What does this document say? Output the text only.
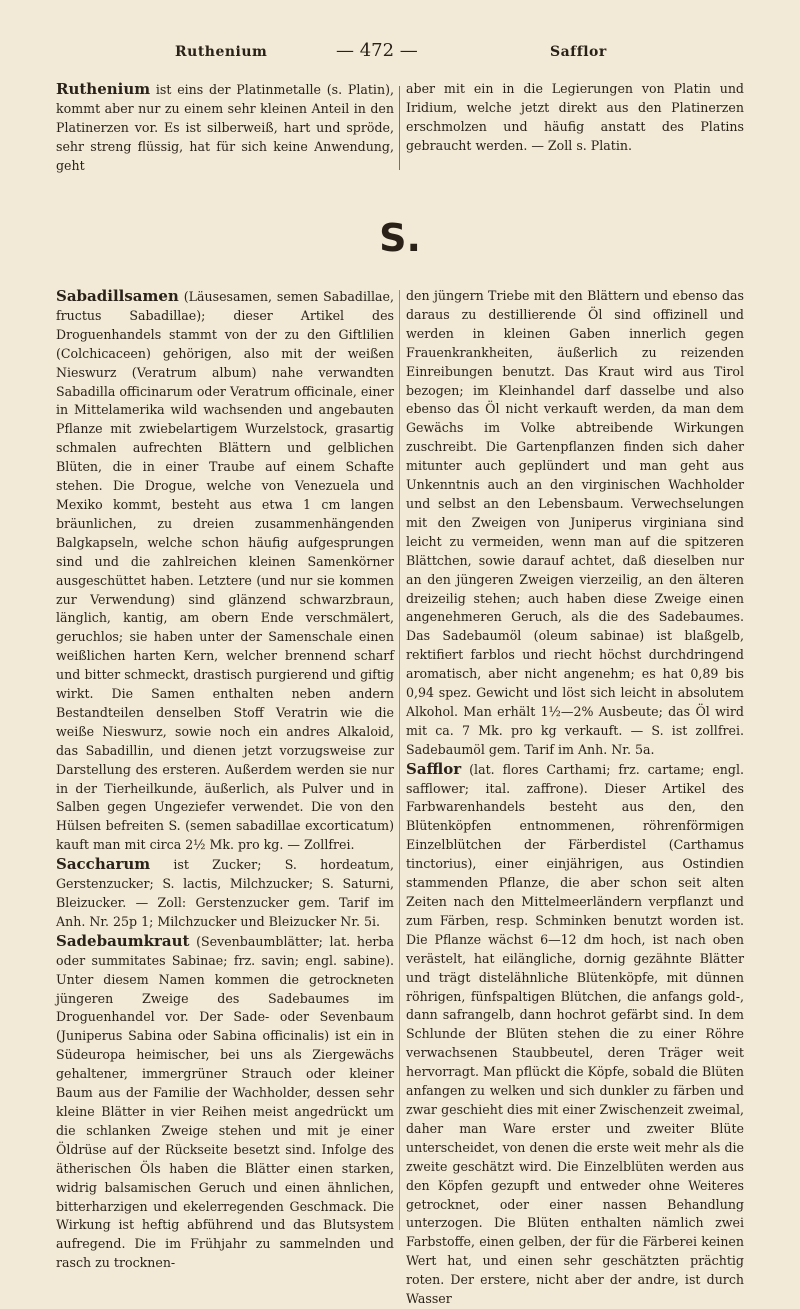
Ruthenium	— 472 —	Safflor

Ruthenium ist eins der Platinmetalle (s. Platin), kommt aber nur zu einem sehr kleinen Anteil in den Platinerzen vor. Es ist silberweiß, hart und spröde, sehr streng flüssig, hat für sich keine Anwendung, geht

aber mit ein in die Legierungen von Platin und Iridium, welche jetzt direkt aus den Platinerzen erschmolzen und häufig anstatt des Platins gebraucht werden. — Zoll s. Platin.

S.

Sabadillsamen (Läusesamen, semen Sabadillae, fructus Sabadillae); dieser Artikel des Droguenhandels stammt von der zu den Giftlilien (Colchicaceen) gehörigen, also mit der weißen Nieswurz (Veratrum album) nahe verwandten Sabadilla officinarum oder Veratrum officinale, einer in Mittelamerika wild wachsenden und angebauten Pflanze mit zwiebelartigem Wurzelstock, grasartig schmalen aufrechten Blättern und gelblichen Blüten, die in einer Traube auf einem Schafte stehen. Die Drogue, welche von Venezuela und Mexiko kommt, besteht aus etwa 1 cm langen bräunlichen, zu dreien zusammenhängenden Balgkapseln, welche schon häufig aufgesprungen sind und die zahlreichen kleinen Samenkörner ausgeschüttet haben. Letztere (und nur sie kommen zur Verwendung) sind glänzend schwarzbraun, länglich, kantig, am obern Ende verschmälert, geruchlos; sie haben unter der Samenschale einen weißlichen harten Kern, welcher brennend scharf und bitter schmeckt, drastisch purgierend und giftig wirkt. Die Samen enthalten neben andern Bestandteilen denselben Stoff Veratrin wie die weiße Nieswurz, sowie noch ein andres Alkaloid, das Sabadillin, und dienen jetzt vorzugsweise zur Darstellung des ersteren. Außerdem werden sie nur in der Tierheilkunde, äußerlich, als Pulver und in Salben gegen Ungeziefer verwendet. Die von den Hülsen befreiten S. (semen sabadillae excorticatum) kauft man mit circa 2½ Mk. pro kg. — Zollfrei.

Saccharum ist Zucker; S. hordeatum, Gerstenzucker; S. lactis, Milchzucker; S. Saturni, Bleizucker. — Zoll: Gerstenzucker gem. Tarif im Anh. Nr. 25p 1; Milchzucker und Bleizucker Nr. 5i.

Sadebaumkraut (Sevenbaumblätter; lat. herba oder summitates Sabinae; frz. savin; engl. sabine). Unter diesem Namen kommen die getrockneten jüngeren Zweige des Sadebaumes im Droguenhandel vor. Der Sade- oder Sevenbaum (Juniperus Sabina oder Sabina officinalis) ist ein in Südeuropa heimischer, bei uns als Ziergewächs gehaltener, immergrüner Strauch oder kleiner Baum aus der Familie der Wachholder, dessen sehr kleine Blätter in vier Reihen meist angedrückt um die schlanken Zweige stehen und mit je einer Öldrüse auf der Rückseite besetzt sind. Infolge des ätherischen Öls haben die Blätter einen starken, widrig balsamischen Geruch und einen ähnlichen, bitterharzigen und ekelerregenden Geschmack. Die Wirkung ist heftig abführend und das Blutsystem aufregend. Die im Frühjahr zu sammelnden und rasch zu trocknen-

den jüngern Triebe mit den Blättern und ebenso das daraus zu destillierende Öl sind offizinell und werden in kleinen Gaben innerlich gegen Frauenkrankheiten, äußerlich zu reizenden Einreibungen benutzt. Das Kraut wird aus Tirol bezogen; im Kleinhandel darf dasselbe und also ebenso das Öl nicht verkauft werden, da man dem Gewächs im Volke abtreibende Wirkungen zuschreibt. Die Gartenpflanzen finden sich daher mitunter auch geplündert und man geht aus Unkenntnis auch an den virginischen Wachholder und selbst an den Lebensbaum. Verwechselungen mit den Zweigen von Juniperus virginiana sind leicht zu vermeiden, wenn man auf die spitzeren Blättchen, sowie darauf achtet, daß dieselben nur an den jüngeren Zweigen vierzeilig, an den älteren dreizeilig stehen; auch haben diese Zweige einen angenehmeren Geruch, als die des Sadebaumes. Das Sadebaumöl (oleum sabinae) ist blaßgelb, rektifiert farblos und riecht höchst durchdringend aromatisch, aber nicht angenehm; es hat 0,89 bis 0,94 spez. Gewicht und löst sich leicht in absolutem Alkohol. Man erhält 1½—2% Ausbeute; das Öl wird mit ca. 7 Mk. pro kg verkauft. — S. ist zollfrei. Sadebaumöl gem. Tarif im Anh. Nr. 5a.

Safflor (lat. flores Carthami; frz. cartame; engl. safflower; ital. zaffrone). Dieser Artikel des Farbwarenhandels besteht aus den, den Blütenköpfen entnommenen, röhrenförmigen Einzelblütchen der Färberdistel (Carthamus tinctorius), einer einjährigen, aus Ostindien stammenden Pflanze, die aber schon seit alten Zeiten nach den Mittelmeerländern verpflanzt und zum Färben, resp. Schminken benutzt worden ist. Die Pflanze wächst 6—12 dm hoch, ist nach oben verästelt, hat eilängliche, dornig gezähnte Blätter und trägt distelähnliche Blütenköpfe, mit dünnen röhrigen, fünfspaltigen Blütchen, die anfangs gold-, dann safrangelb, dann hochrot gefärbt sind. In dem Schlunde der Blüten stehen die zu einer Röhre verwachsenen Staubbeutel, deren Träger weit hervorragt. Man pflückt die Köpfe, sobald die Blüten anfangen zu welken und sich dunkler zu färben und zwar geschieht dies mit einer Zwischenzeit zweimal, daher man Ware erster und zweiter Blüte unterscheidet, von denen die erste weit mehr als die zweite geschätzt wird. Die Einzelblüten werden aus den Köpfen gezupft und entweder ohne Weiteres getrocknet, oder einer nassen Behandlung unterzogen. Die Blüten enthalten nämlich zwei Farbstoffe, einen gelben, der für die Färberei keinen Wert hat, und einen sehr geschätzten prächtig roten. Der erstere, nicht aber der andre, ist durch Wasser
